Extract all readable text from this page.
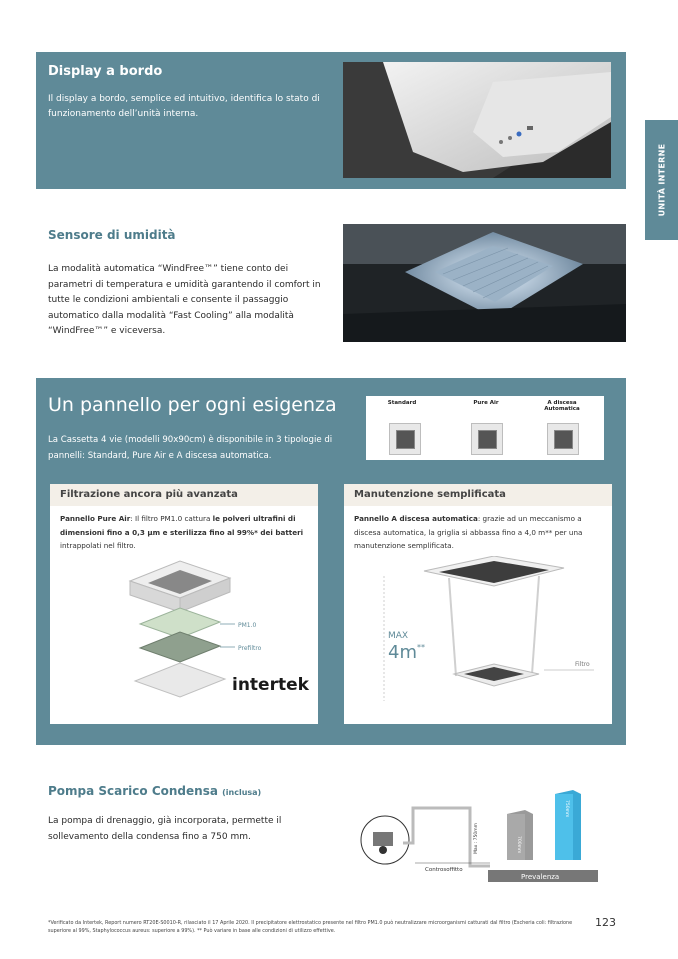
UNITÀ INTERNE
Display a bordo
Il display a bordo, semplice ed intuitivo, identifica lo stato di funzionamento dell’unità interna.
Sensore di umidità
La modalità automatica “WindFree™” tiene conto dei parametri di temperatura e umidità garantendo il comfort in tutte le condizioni ambientali e consente il passaggio automatico dalla modalità “Fast Cooling” alla modalità “WindFree™” e viceversa.
Un pannello per ogni esigenza
La Cassetta 4 vie (modelli 90x90cm) è disponibile in 3 tipologie di pannelli: Standard, Pure Air e A discesa automatica.
Standard	Pure Air	A discesa Automatica
Filtrazione ancora più avanzata
Pannello Pure Air: Il filtro PM1.0 cattura le polveri ultrafini di dimensioni fino a 0,3 µm e sterilizza fino al 99%* dei batteri intrappolati nel filtro.
PM1.0
Prefiltro
intertek
Manutenzione semplificata
Pannello A discesa automatica: grazie ad un meccanismo a discesa automatica, la griglia si abbassa fino a 4,0 m** per una manutenzione semplificata.
MAX
4m**
Filtro
Pompa Scarico Condensa (inclusa)
La pompa di drenaggio, già incorporata, permette il sollevamento della condensa fino a 750 mm.
Controsoffitto
Max : 750mm	700mm
750mm
Prevalenza
*Verificato da Intertek, Report numero RT20E-S0010-R, rilasciato il 17 Aprile 2020. Il precipitatore elettrostatico presente nel filtro PM1.0 può neutralizzare microorganismi catturati dal filtro (Escheria coli: filtrazione superiore al 99%, Staphylococcus aureus: superiore a 99%). ** Può variare in base alle condizioni di utilizzo effettive.
123
